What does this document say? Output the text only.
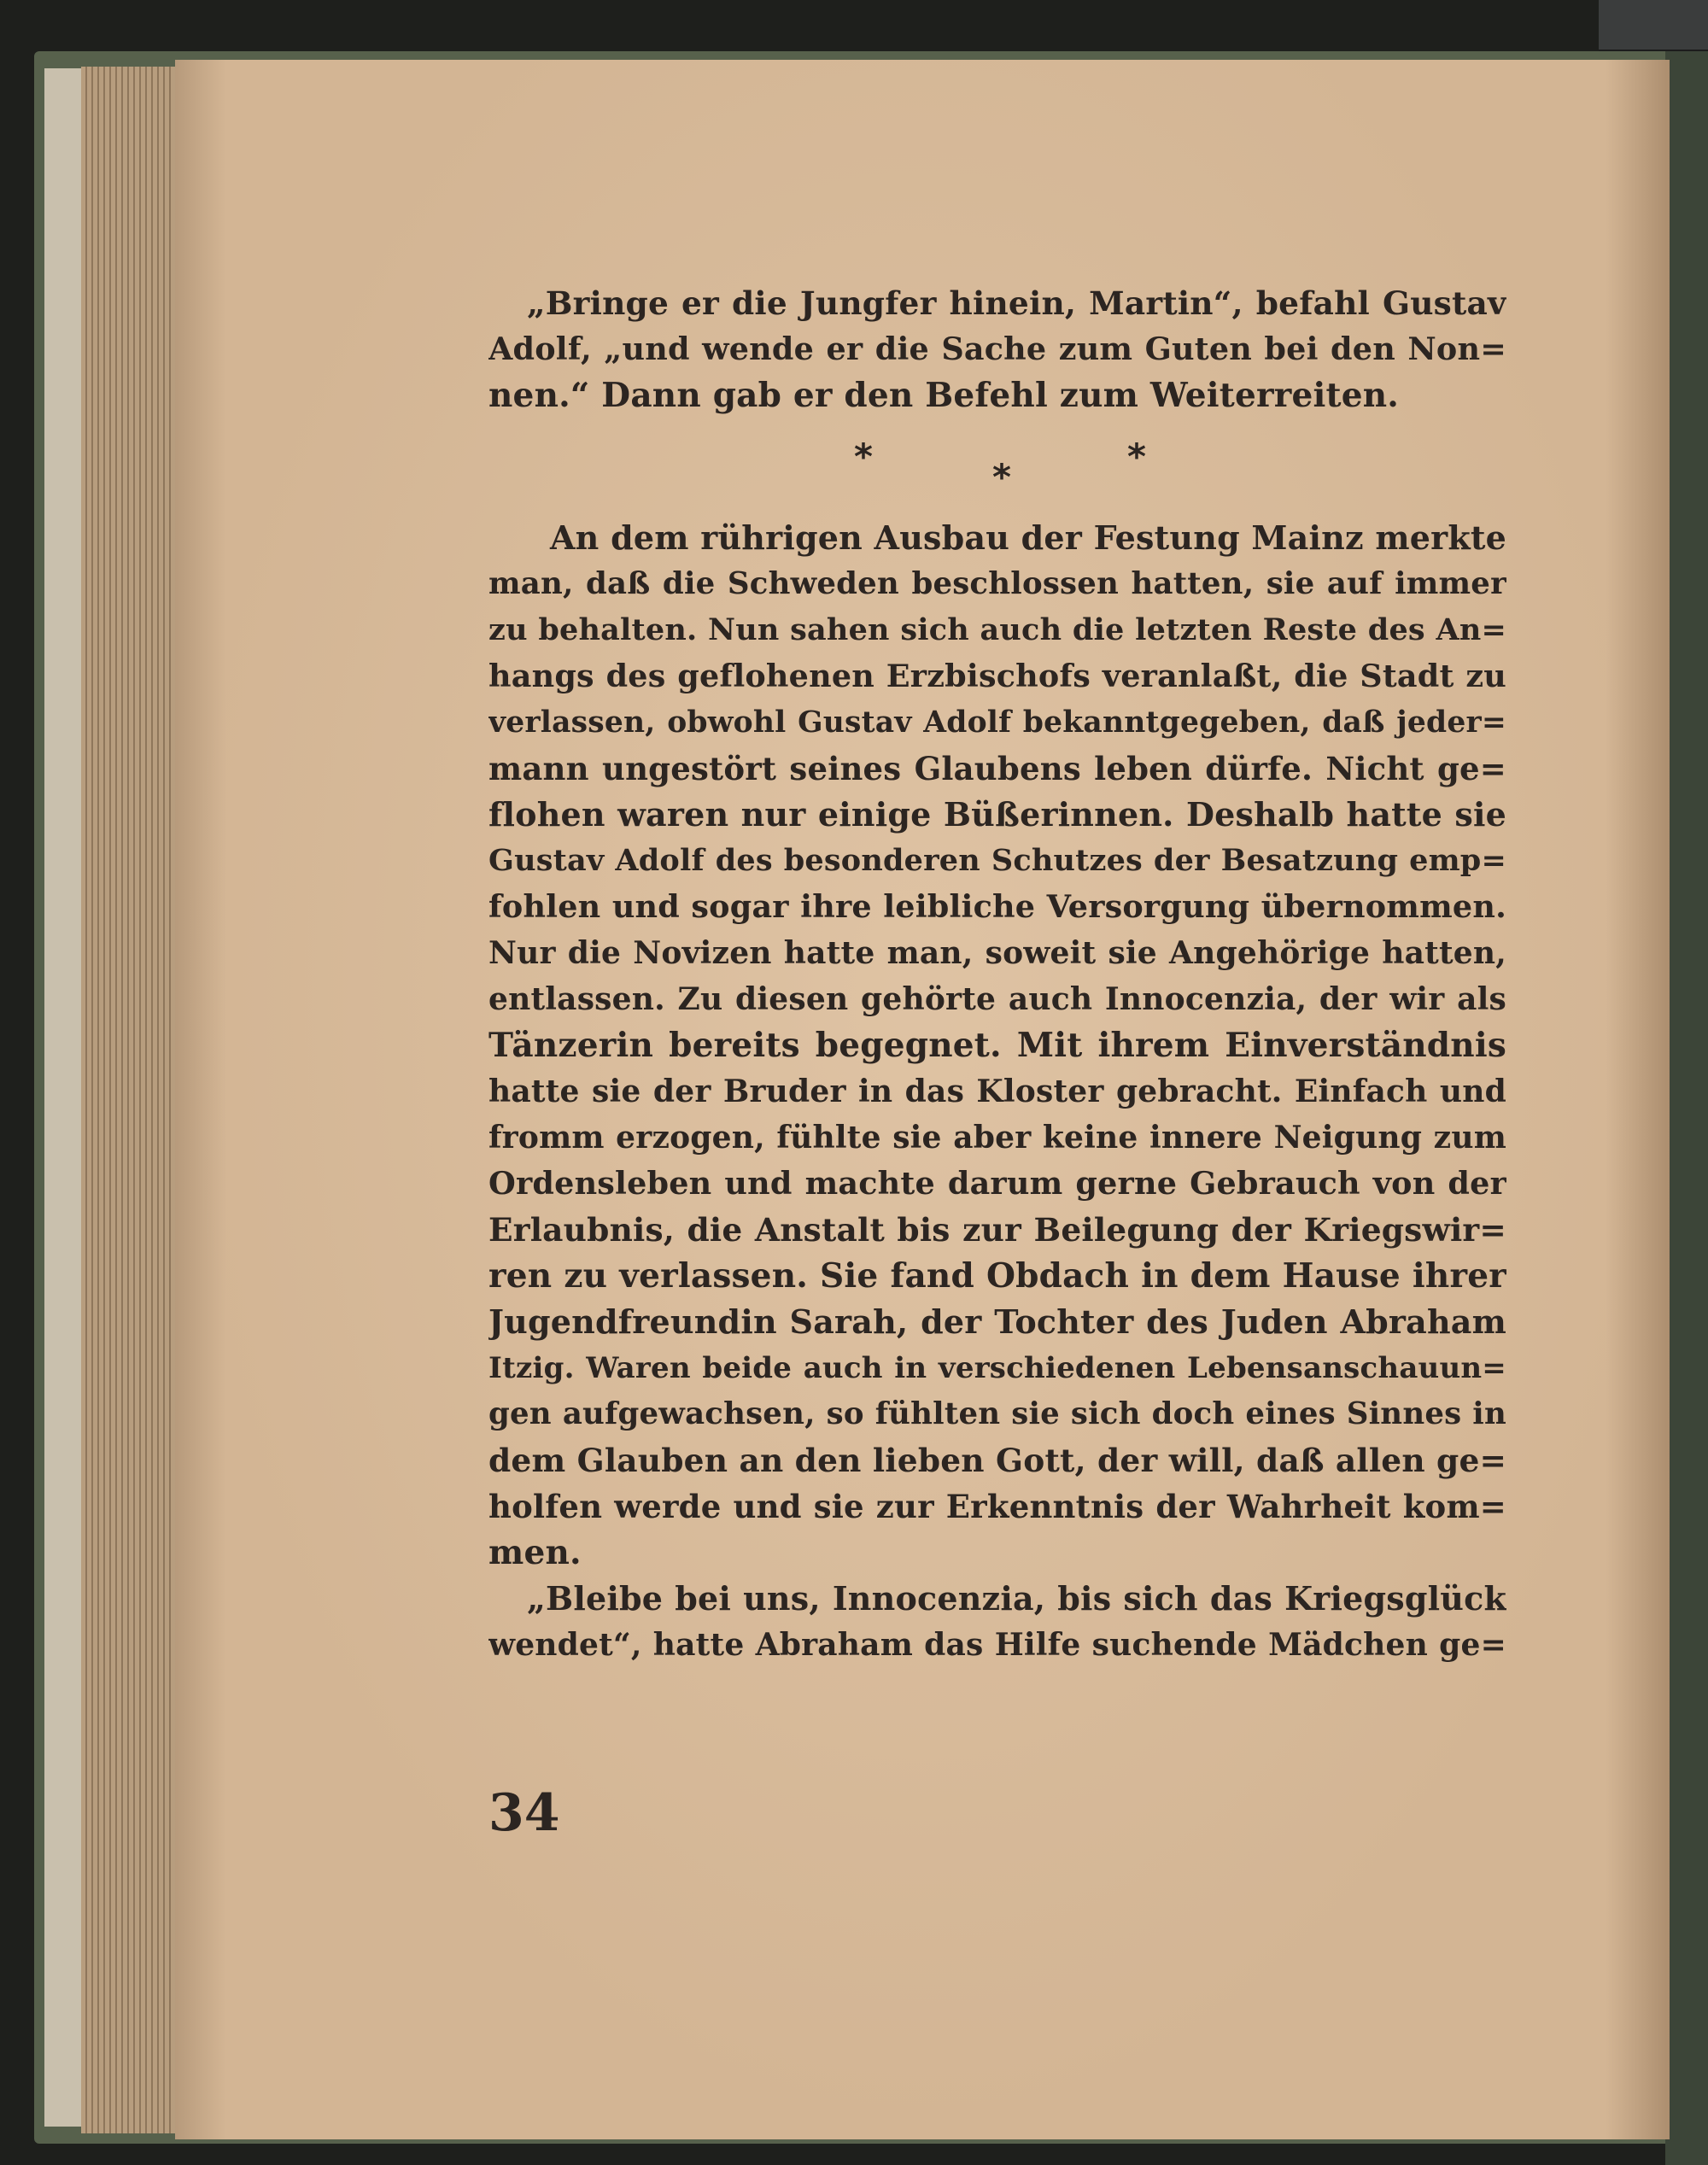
„Bringe er die Jungfer hinein, Martin“, befahl Gustav
Adolf, „und wende er die Sache zum Guten bei den Non=
nen.“ Dann gab er den Befehl zum Weiterreiten.
*	*	*
An dem rührigen Ausbau der Festung Mainz merkte
man, daß die Schweden beschlossen hatten, sie auf immer
zu behalten. Nun sahen sich auch die letzten Reste des An=
hangs des geflohenen Erzbischofs veranlaßt, die Stadt zu
verlassen, obwohl Gustav Adolf bekanntgegeben, daß jeder=
mann ungestört seines Glaubens leben dürfe. Nicht ge=
flohen waren nur einige Büßerinnen. Deshalb hatte sie
Gustav Adolf des besonderen Schutzes der Besatzung emp=
fohlen und sogar ihre leibliche Versorgung übernommen.
Nur die Novizen hatte man, soweit sie Angehörige hatten,
entlassen. Zu diesen gehörte auch Innocenzia, der wir als
Tänzerin bereits begegnet. Mit ihrem Einverständnis
hatte sie der Bruder in das Kloster gebracht. Einfach und
fromm erzogen, fühlte sie aber keine innere Neigung zum
Ordensleben und machte darum gerne Gebrauch von der
Erlaubnis, die Anstalt bis zur Beilegung der Kriegswir=
ren zu verlassen. Sie fand Obdach in dem Hause ihrer
Jugendfreundin Sarah, der Tochter des Juden Abraham
Itzig. Waren beide auch in verschiedenen Lebensanschauun=
gen aufgewachsen, so fühlten sie sich doch eines Sinnes in
dem Glauben an den lieben Gott, der will, daß allen ge=
holfen werde und sie zur Erkenntnis der Wahrheit kom=
men.
„Bleibe bei uns, Innocenzia, bis sich das Kriegsglück
wendet“, hatte Abraham das Hilfe suchende Mädchen ge=
34
